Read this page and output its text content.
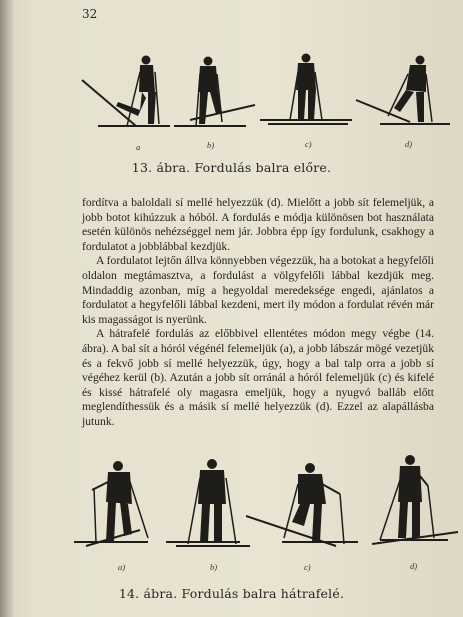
32
a	b)	c)	d)
13. ábra. Fordulás balra előre.

fordítva a baloldali sí mellé helyezzük (d). Mielőtt a jobb sít felemeljük, a jobb botot kihúzzuk a hóból. A fordulás e módja különösen bot használata esetén különös nehézséggel nem jár. Jobbra épp így fordulunk, csakhogy a fordulatot a jobblábbal kezdjük.

A fordulatot lejtőn állva könnyebben végezzük, ha a botokat a hegyfelőli oldalon megtámasztva, a fordulást a völgyfelőli lábbal kezdjük meg. Mindaddig azonban, míg a hegyoldal meredeksége engedi, ajánlatos a fordulatot a hegyfelőli lábbal kezdeni, mert ily módon a fordulat révén már kis magasságot is nyerünk.

A hátrafelé fordulás az előbbivel ellentétes módon megy végbe (14. ábra). A bal sít a hóról végénél felemeljük (a), a jobb lábszár mögé vezetjük és a fekvő jobb sí mellé helyezzük, úgy, hogy a bal talp orra a jobb sí végéhez kerül (b). Azután a jobb sít orránál a hóról felemeljük (c) és kifelé és kissé hátrafelé oly magasra emeljük, hogy a nyugvó balláb előtt meglendíthessük és a másik sí mellé helyezzük (d). Ezzel az alapállásba jutunk.

a)	b)	c)	d)
14. ábra. Fordulás balra hátrafelé.
